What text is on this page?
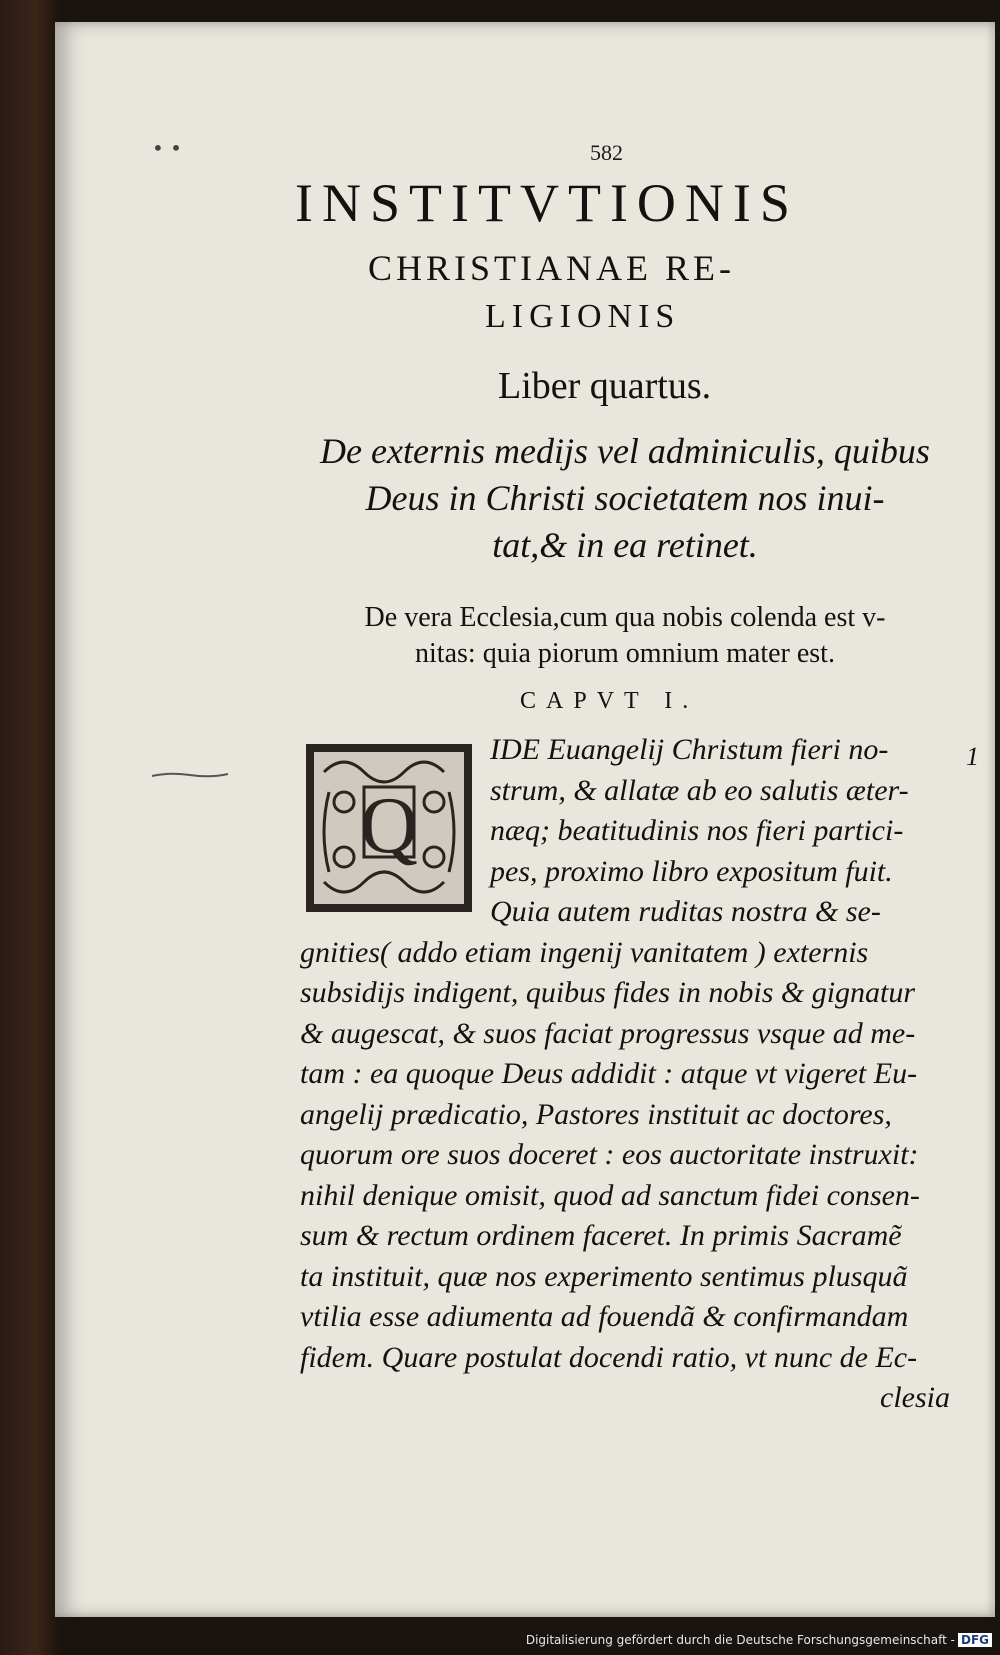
• •	582
INSTITVTIONIS
CHRISTIANAE RE-
LIGIONIS
Liber quartus.
De externis medijs vel adminiculis, quibus
Deus in Christi societatem nos inui-
tat,& in ea retinet.
De vera Ecclesia,cum qua nobis colenda est v-
nitas: quia piorum omnium mater est.
CAPVT I.
Q
1
IDE Euangelij Christum fieri no-
strum, & allatæ ab eo salutis æter-
næq; beatitudinis nos fieri partici-
pes, proximo libro expositum fuit.
Quia autem ruditas nostra & se-
gnities( addo etiam ingenij vanitatem ) externis
subsidijs indigent, quibus fides in nobis & gignatur
& augescat, & suos faciat progressus vsque ad me-
tam : ea quoque Deus addidit : atque vt vigeret Eu-
angelij prædicatio, Pastores instituit ac doctores,
quorum ore suos doceret : eos auctoritate instruxit:
nihil denique omisit, quod ad sanctum fidei consen-
sum & rectum ordinem faceret. In primis Sacramẽ
ta instituit, quæ nos experimento sentimus plusquã
vtilia esse adiumenta ad fouendã & confirmandam
fidem. Quare postulat docendi ratio, vt nunc de Ec-
clesia
Digitalisierung gefördert durch die Deutsche Forschungsgemeinschaft - DFG
